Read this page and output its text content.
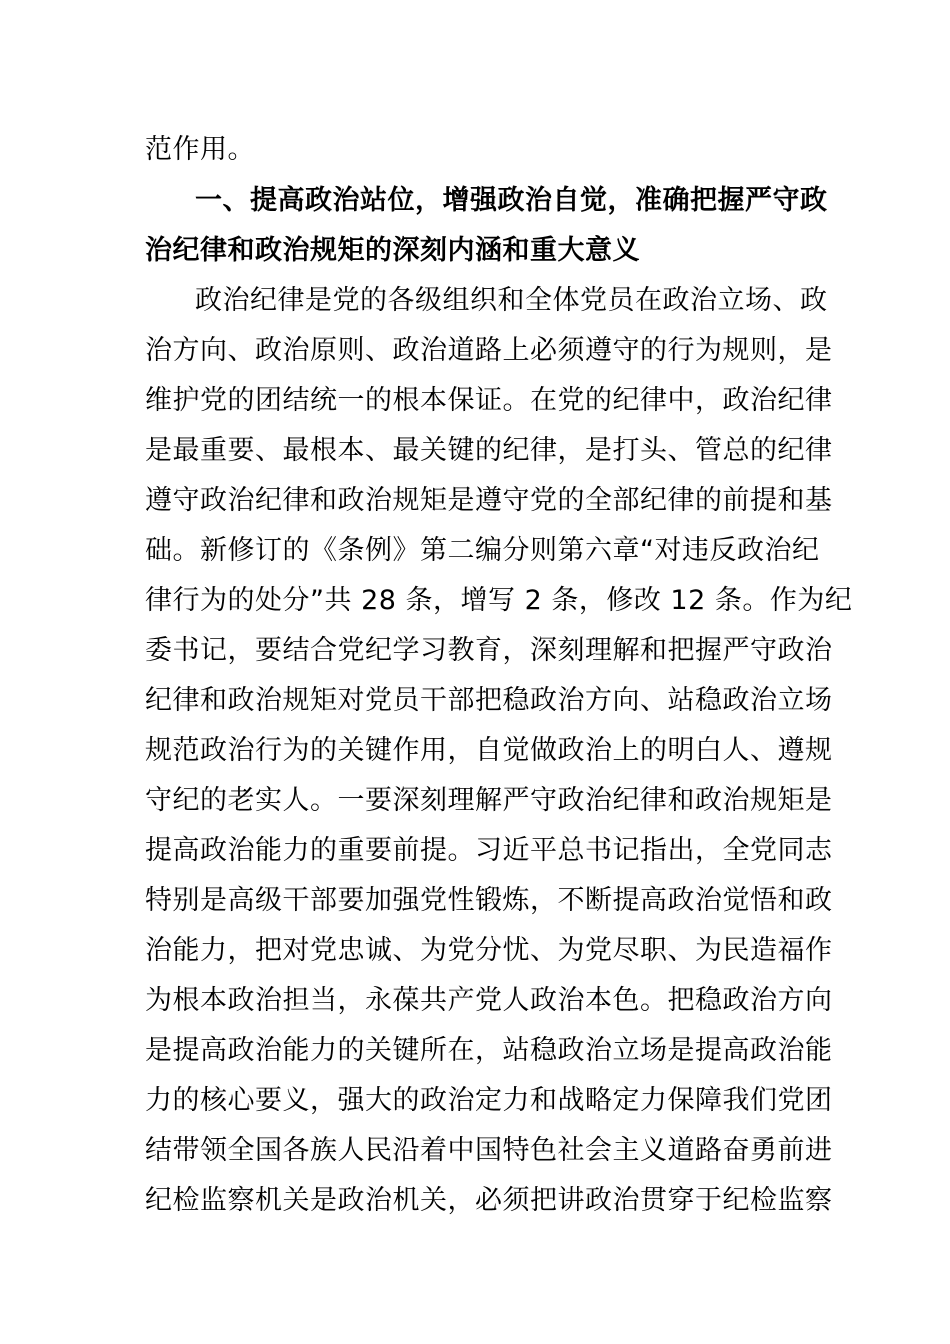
范作用。
一、提高政治站位，增强政治自觉，准确把握严守政
治纪律和政治规矩的深刻内涵和重大意义
政治纪律是党的各级组织和全体党员在政治立场、政
治方向、政治原则、政治道路上必须遵守的行为规则，是
维护党的团结统一的根本保证。在党的纪律中，政治纪律
是最重要、最根本、最关键的纪律，是打头、管总的纪律
遵守政治纪律和政治规矩是遵守党的全部纪律的前提和基
础。新修订的《条例》第二编分则第六章“对违反政治纪
律行为的处分”共 28 条，增写 2 条，修改 12 条。作为纪
委书记，要结合党纪学习教育，深刻理解和把握严守政治
纪律和政治规矩对党员干部把稳政治方向、站稳政治立场
规范政治行为的关键作用，自觉做政治上的明白人、遵规
守纪的老实人。一要深刻理解严守政治纪律和政治规矩是
提高政治能力的重要前提。习近平总书记指出，全党同志
特别是高级干部要加强党性锻炼，不断提高政治觉悟和政
治能力，把对党忠诚、为党分忧、为党尽职、为民造福作
为根本政治担当，永葆共产党人政治本色。把稳政治方向
是提高政治能力的关键所在，站稳政治立场是提高政治能
力的核心要义，强大的政治定力和战略定力保障我们党团
结带领全国各族人民沿着中国特色社会主义道路奋勇前进
纪检监察机关是政治机关，必须把讲政治贯穿于纪检监察
